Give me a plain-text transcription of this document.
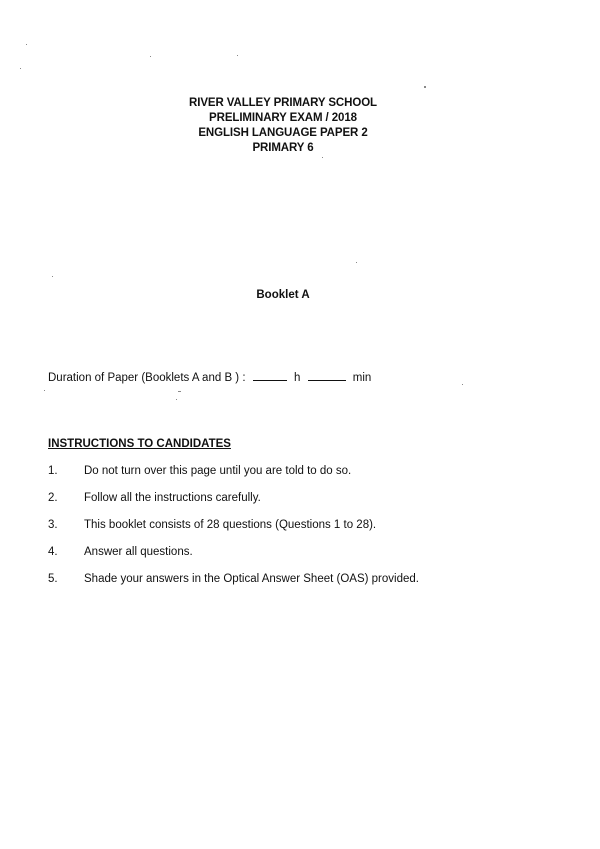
RIVER VALLEY PRIMARY SCHOOL
PRELIMINARY EXAM / 2018
ENGLISH LANGUAGE PAPER 2
PRIMARY 6
Booklet A
Duration of Paper (Booklets A and B ) :	h	min
INSTRUCTIONS TO CANDIDATES
1. Do not turn over this page until you are told to do so.
2. Follow all the instructions carefully.
3. This booklet consists of 28 questions (Questions 1 to 28).
4. Answer all questions.
5. Shade your answers in the Optical Answer Sheet (OAS) provided.
